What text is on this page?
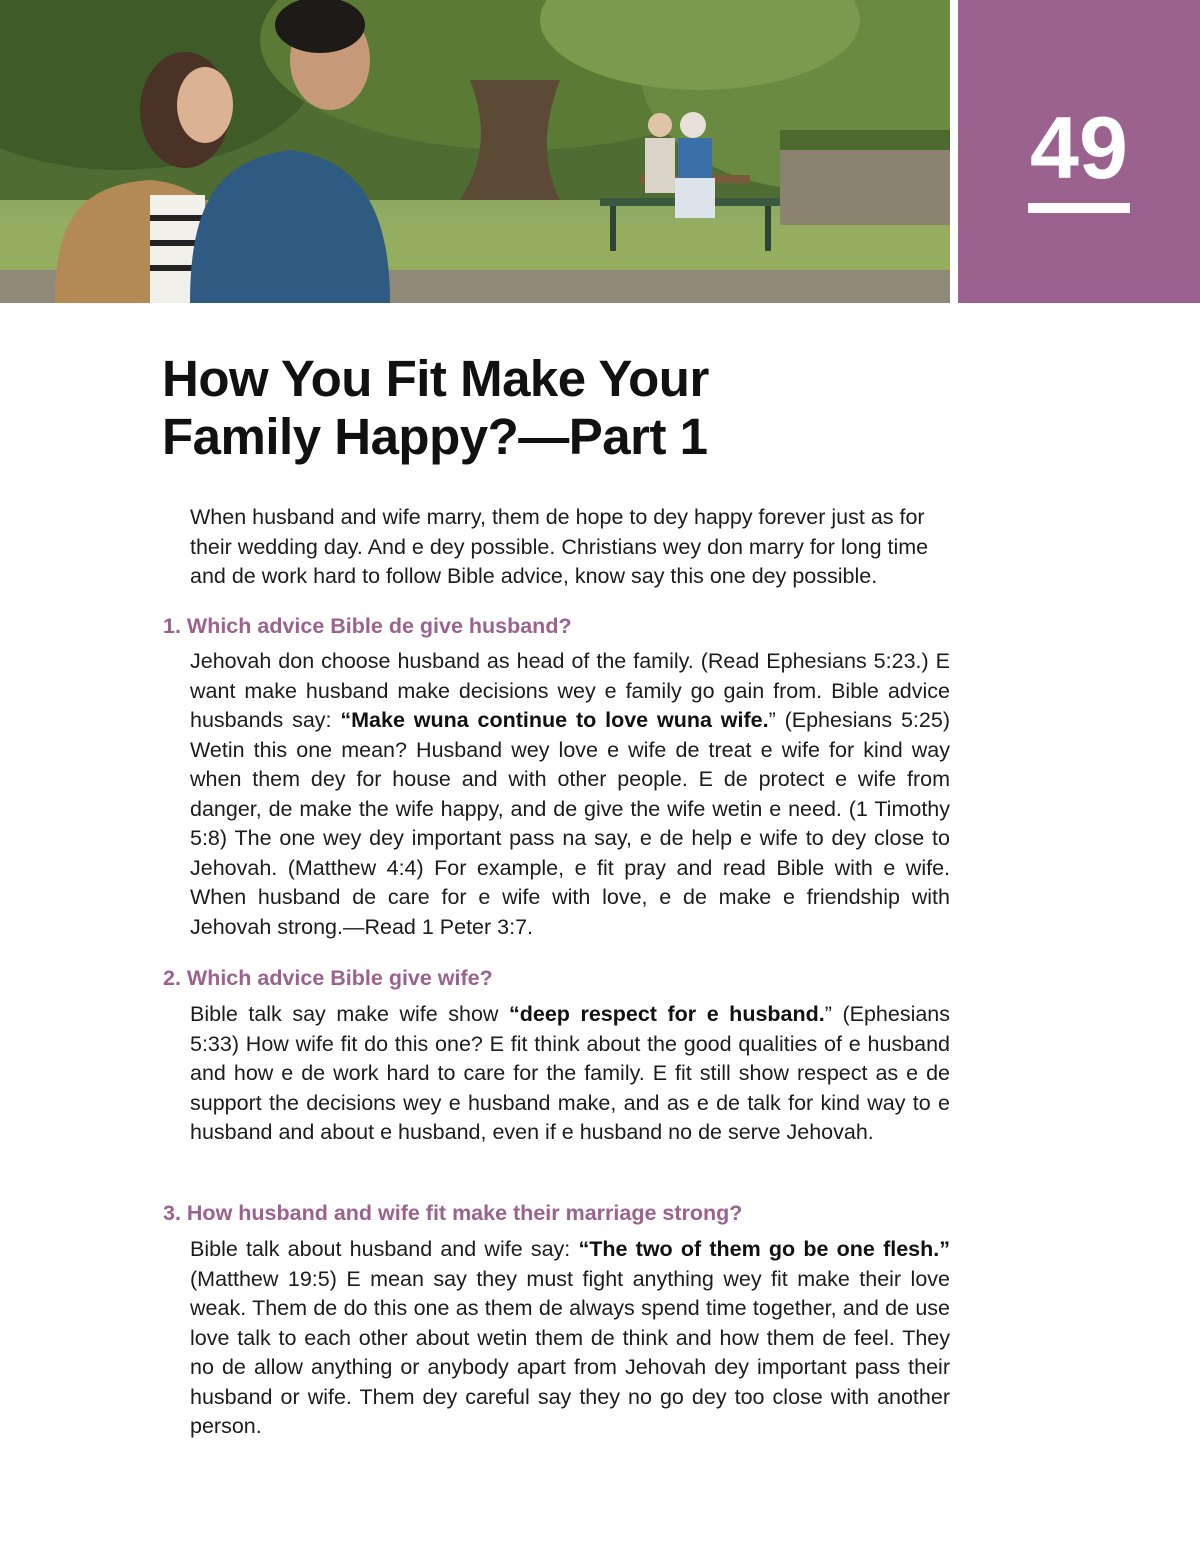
49
How You Fit Make Your
Family Happy?—Part 1

When husband and wife marry, them de hope to dey happy forever just as for their wedding day. And e dey possible. Christians wey don marry for long time and de work hard to follow Bible advice, know say this one dey possible.

1. Which advice Bible de give husband?

Jehovah don choose husband as head of the family. (Read Ephesians 5:23.) E want make husband make decisions wey e family go gain from. Bible advice husbands say: “Make wuna continue to love wuna wife.” (Ephesians 5:25) Wetin this one mean? Husband wey love e wife de treat e wife for kind way when them dey for house and with other people. E de protect e wife from danger, de make the wife happy, and de give the wife wetin e need. (1 Timothy 5:8) The one wey dey important pass na say, e de help e wife to dey close to Jehovah. (Matthew 4:4) For example, e fit pray and read Bible with e wife. When husband de care for e wife with love, e de make e friendship with Jehovah strong.—Read 1 Peter 3:7.

2. Which advice Bible give wife?

Bible talk say make wife show “deep respect for e husband.” (Ephesians 5:33) How wife fit do this one? E fit think about the good qualities of e husband and how e de work hard to care for the family. E fit still show respect as e de support the decisions wey e husband make, and as e de talk for kind way to e husband and about e husband, even if e husband no de serve Jehovah.

3. How husband and wife fit make their marriage strong?

Bible talk about husband and wife say: “The two of them go be one flesh.” (Matthew 19:5) E mean say they must fight anything wey fit make their love weak. Them de do this one as them de always spend time together, and de use love talk to each other about wetin them de think and how them de feel. They no de allow anything or anybody apart from Jehovah dey important pass their husband or wife. Them dey careful say they no go dey too close with another person.
